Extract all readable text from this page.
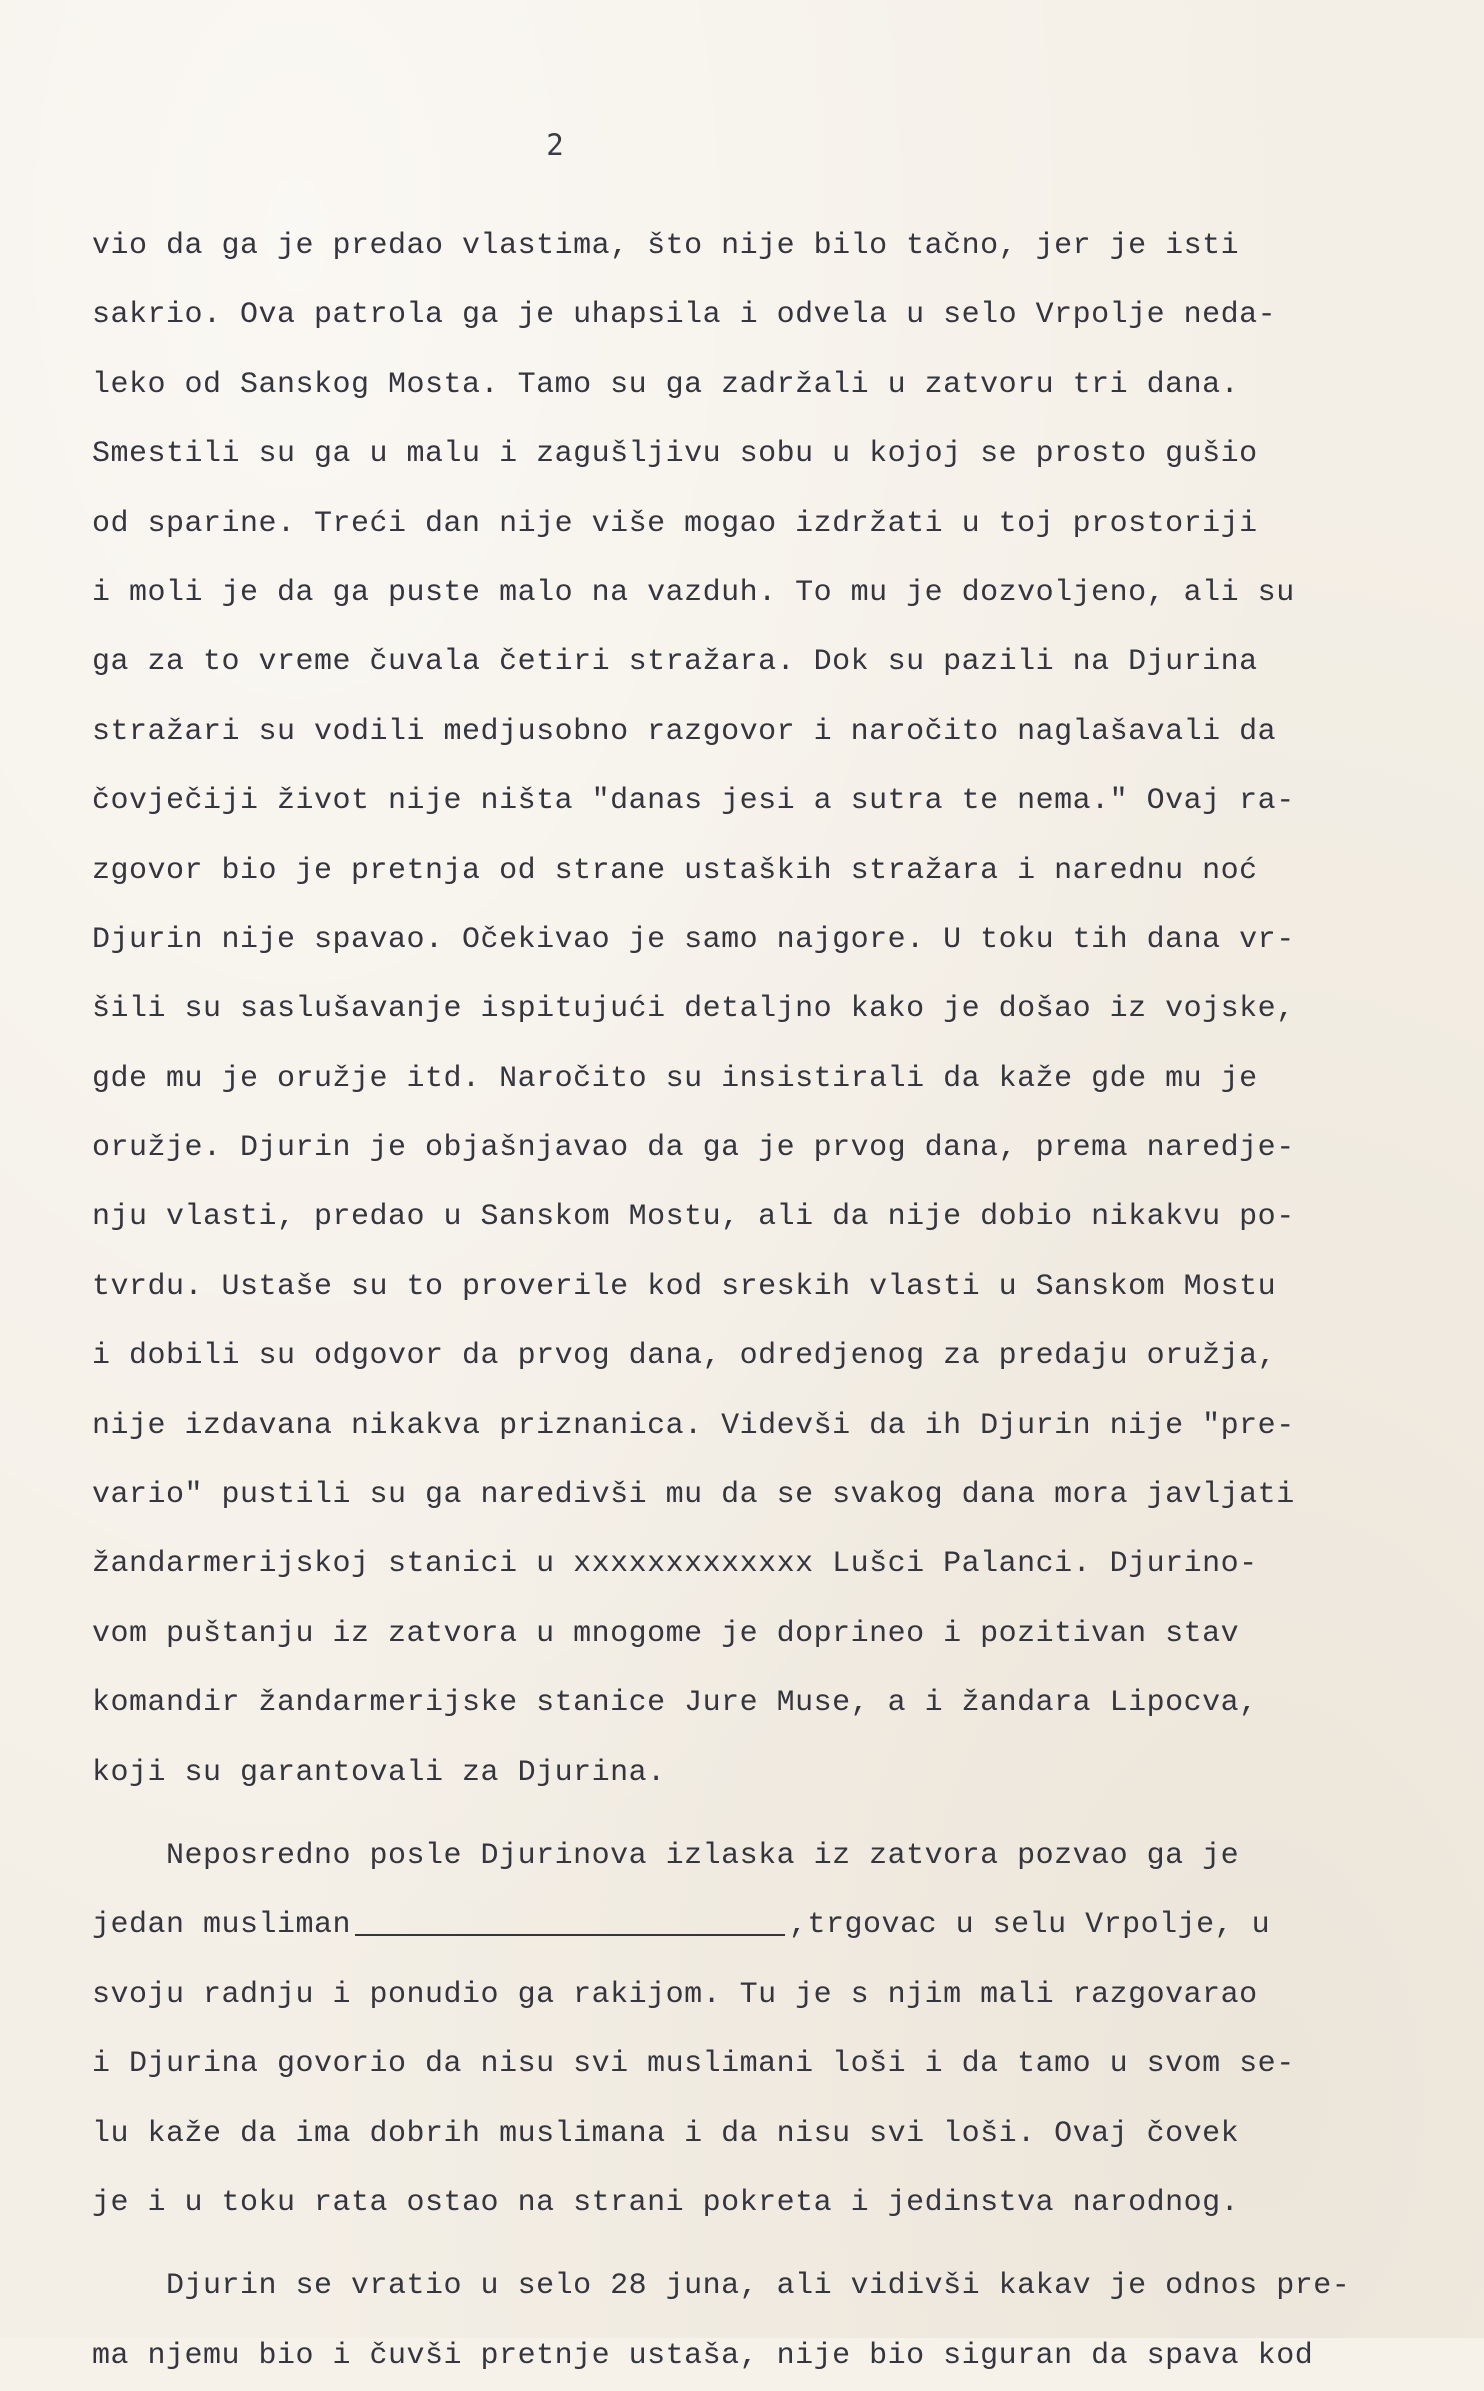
2
vio da ga je predao vlastima, što nije bilo tačno, jer je isti
sakrio. Ova patrola ga je uhapsila i odvela u selo Vrpolje neda-
leko od Sanskog Mosta. Tamo su ga zadržali u zatvoru tri dana.
Smestili su ga u malu i zagušljivu sobu u kojoj se prosto gušio
od sparine. Treći dan nije više mogao izdržati u toj prostoriji
i moli je da ga puste malo na vazduh. To mu je dozvoljeno, ali su
ga za to vreme čuvala četiri stražara. Dok su pazili na Djurina
stražari su vodili medjusobno razgovor i naročito naglašavali da
čovječiji život nije ništa "danas jesi a sutra te nema." Ovaj ra-
zgovor bio je pretnja od strane ustaških stražara i narednu noć
Djurin nije spavao. Očekivao je samo najgore. U toku tih dana vr-
šili su saslušavanje ispitujući detaljno kako je došao iz vojske,
gde mu je oružje itd. Naročito su insistirali da kaže gde mu je
oružje. Djurin je objašnjavao da ga je prvog dana, prema naredje-
nju vlasti, predao u Sanskom Mostu, ali da nije dobio nikakvu po-
tvrdu. Ustaše su to proverile kod sreskih vlasti u Sanskom Mostu
i dobili su odgovor da prvog dana, odredjenog za predaju oružja,
nije izdavana nikakva priznanica. Videvši da ih Djurin nije "pre-
vario" pustili su ga naredivši mu da se svakog dana mora javljati
žandarmerijskoj stanici u xxxxxxxxxxxxx Lušci Palanci. Djurino-
vom puštanju iz zatvora u mnogome je doprineo i pozitivan stav
komandir žandarmerijske stanice Jure Muse, a i žandara Lipocva,
koji su garantovali za Djurina.
Neposredno posle Djurinova izlaska iz zatvora pozvao ga je
jedan musliman	,trgovac u selu Vrpolje, u
svoju radnju i ponudio ga rakijom. Tu je s njim mali razgovarao
i Djurina govorio da nisu svi muslimani loši i da tamo u svom se-
lu kaže da ima dobrih muslimana i da nisu svi loši. Ovaj čovek
je i u toku rata ostao na strani pokreta i jedinstva narodnog.
Djurin se vratio u selo 28 juna, ali vidivši kakav je odnos pre-
ma njemu bio i čuvši pretnje ustaša, nije bio siguran da spava kod
